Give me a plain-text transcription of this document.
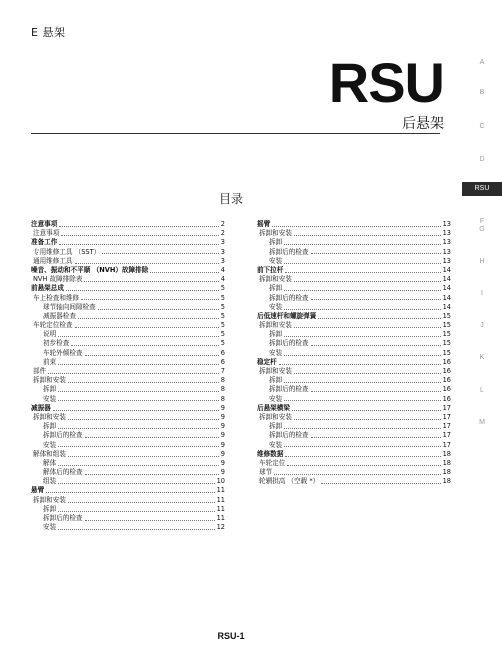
E 悬架
RSU
后悬架
A
B
C
D
RSU
F
G
H
I
J
K
L
M
目录
注意事项	2
注意事项	2
准备工作	3
专用维修工具 （SST）	3
通用维修工具	3
噪音、振动和不平顺 （NVH）故障排除	4
NVH 故障排除表	4
前悬架总成	5
车上检查和维修	5
球节轴向间隙检查	5
减振器检查	5
车轮定位检查	5
说明	5
初步检查	5
车轮外倾检查	6
前束	6
部件	7
拆卸和安装	8
拆卸	8
安装	8
减振器	9
拆卸和安装	9
拆卸	9
拆卸后的检查	9
安装	9
解体和组装	9
解体	9
解体后的检查	9
组装	10
悬臂	11
拆卸和安装	11
拆卸	11
拆卸后的检查	11
安装	12
摇臂	13
拆卸和安装	13
拆卸	13
拆卸后的检查	13
安装	13
前下拉杆	14
拆卸和安装	14
拆卸	14
拆卸后的检查	14
安装	14
后低速杆和螺旋弹簧	15
拆卸和安装	15
拆卸	15
拆卸后的检查	15
安装	15
稳定杆	16
拆卸和安装	16
拆卸	16
拆卸后的检查	16
安装	16
后悬架横梁	17
拆卸和安装	17
拆卸	17
拆卸后的检查	17
安装	17
维修数据	18
车轮定位	18
球节	18
轮辋拱高 （空载 *）	18
RSU-1
